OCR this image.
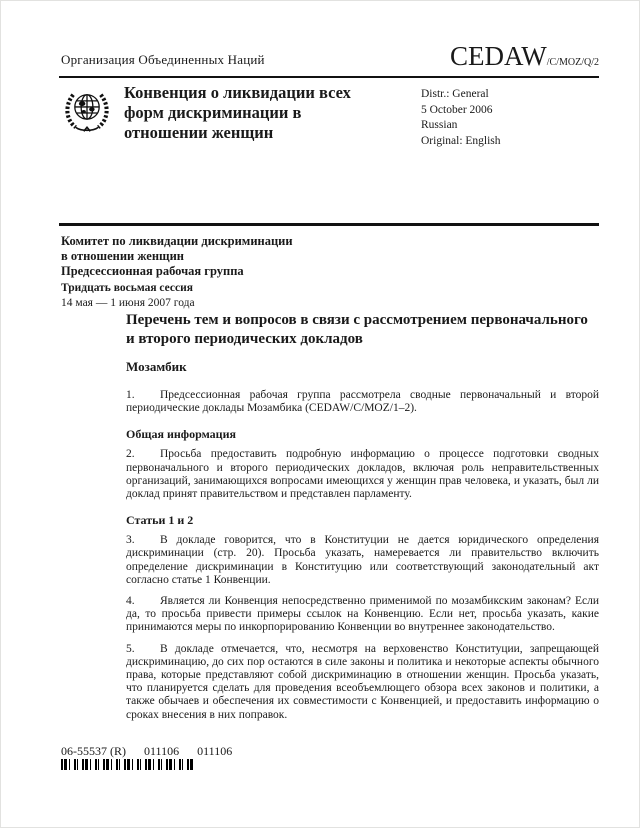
Организация Объединенных Наций	CEDAW/C/MOZ/Q/2
Конвенция о ликвидации всех форм дискриминации в отношении женщин
Distr.: General
5 October 2006
Russian
Original: English
Комитет по ликвидации дискриминации
в отношении женщин
Предсессионная рабочая группа
Тридцать восьмая сессия
14 мая — 1 июня 2007 года
Перечень тем и вопросов в связи с рассмотрением первоначального и второго периодических докладов
Мозамбик

1. Предсессионная рабочая группа рассмотрела сводные первоначальный и второй периодические доклады Мозамбика (CEDAW/C/MOZ/1–2).

Общая информация

2. Просьба предоставить подробную информацию о процессе подготовки сводных первоначального и второго периодических докладов, включая роль неправительственных организаций, занимающихся вопросами имеющихся у женщин прав человека, и указать, был ли доклад принят правительством и представлен парламенту.

Статьи 1 и 2

3. В докладе говорится, что в Конституции не дается юридического определения дискриминации (стр. 20). Просьба указать, намеревается ли правительство включить определение дискриминации в Конституцию или соответствующий законодательный акт согласно статье 1 Конвенции.

4. Является ли Конвенция непосредственно применимой по мозамбикским законам? Если да, то просьба привести примеры ссылок на Конвенцию. Если нет, просьба указать, какие принимаются меры по инкорпорированию Конвенции во внутреннее законодательство.

5. В докладе отмечается, что, несмотря на верховенство Конституции, запрещающей дискриминацию, до сих пор остаются в силе законы и политика и некоторые аспекты обычного права, которые представляют собой дискриминацию в отношении женщин. Просьба указать, что планируется сделать для проведения всеобъемлющего обзора всех законов и политики, а также обычаев и обеспечения их совместимости с Конвенцией, и предоставить информацию о сроках внесения в них поправок.

06-55537 (R) 011106 011106
